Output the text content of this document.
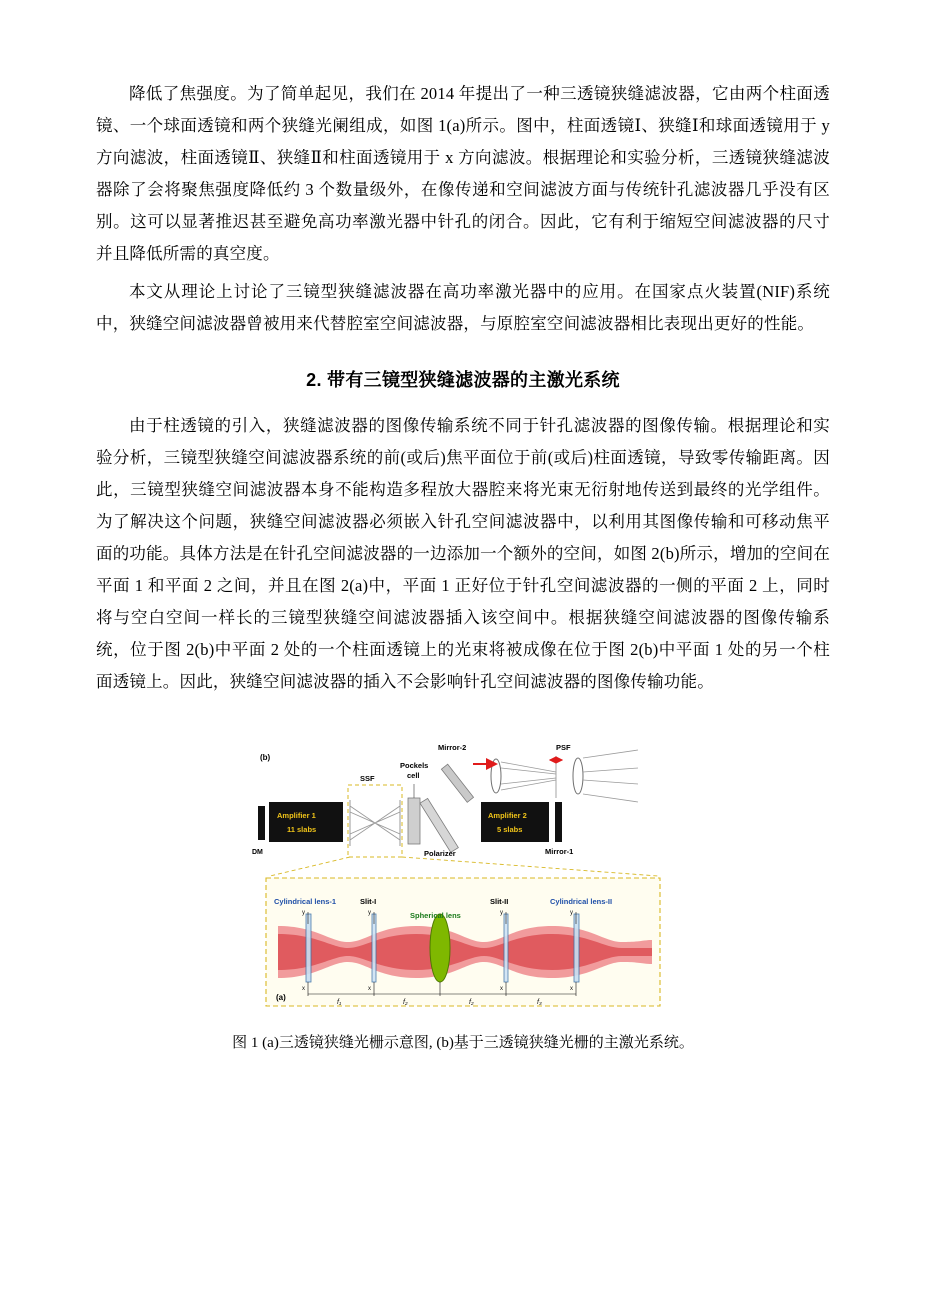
降低了焦强度。为了简单起见，我们在 2014 年提出了一种三透镜狭缝滤波器，它由两个柱面透镜、一个球面透镜和两个狭缝光阑组成，如图 1(a)所示。图中，柱面透镜Ⅰ、狭缝Ⅰ和球面透镜用于 y 方向滤波，柱面透镜Ⅱ、狭缝Ⅱ和柱面透镜用于 x 方向滤波。根据理论和实验分析，三透镜狭缝滤波器除了会将聚焦强度降低约 3 个数量级外，在像传递和空间滤波方面与传统针孔滤波器几乎没有区别。这可以显著推迟甚至避免高功率激光器中针孔的闭合。因此，它有利于缩短空间滤波器的尺寸并且降低所需的真空度。

本文从理论上讨论了三镜型狭缝滤波器在高功率激光器中的应用。在国家点火装置(NIF)系统中，狭缝空间滤波器曾被用来代替腔室空间滤波器，与原腔室空间滤波器相比表现出更好的性能。

2. 带有三镜型狭缝滤波器的主激光系统

由于柱透镜的引入，狭缝滤波器的图像传输系统不同于针孔滤波器的图像传输。根据理论和实验分析，三镜型狭缝空间滤波器系统的前(或后)焦平面位于前(或后)柱面透镜，导致零传输距离。因此，三镜型狭缝空间滤波器本身不能构造多程放大器腔来将光束无衍射地传送到最终的光学组件。为了解决这个问题，狭缝空间滤波器必须嵌入针孔空间滤波器中，以利用其图像传输和可移动焦平面的功能。具体方法是在针孔空间滤波器的一边添加一个额外的空间，如图 2(b)所示，增加的空间在平面 1 和平面 2 之间，并且在图 2(a)中，平面 1 正好位于针孔空间滤波器的一侧的平面 2 上，同时将与空白空间一样长的三镜型狭缝空间滤波器插入该空间中。根据狭缝空间滤波器的图像传输系统，位于图 2(b)中平面 2 处的一个柱面透镜上的光束将被成像在位于图 2(b)中平面 1 处的另一个柱面透镜上。因此，狭缝空间滤波器的插入不会影响针孔空间滤波器的图像传输功能。

(b)
DM
Amplifier 1
11 slabs
SSF
Pockels
cell
Polarizer
Mirror-2
Amplifier 2
5 slabs
Mirror-1
PSF
(a)
Cylindrical lens-1	Slit-I
Spherical lens
Slit-II	Cylindrical lens-II
y
x
y
x
y
x
y
x
f₁	f₂	f₂	f₃
图 1 (a)三透镜狭缝光栅示意图, (b)基于三透镜狭缝光栅的主激光系统。
